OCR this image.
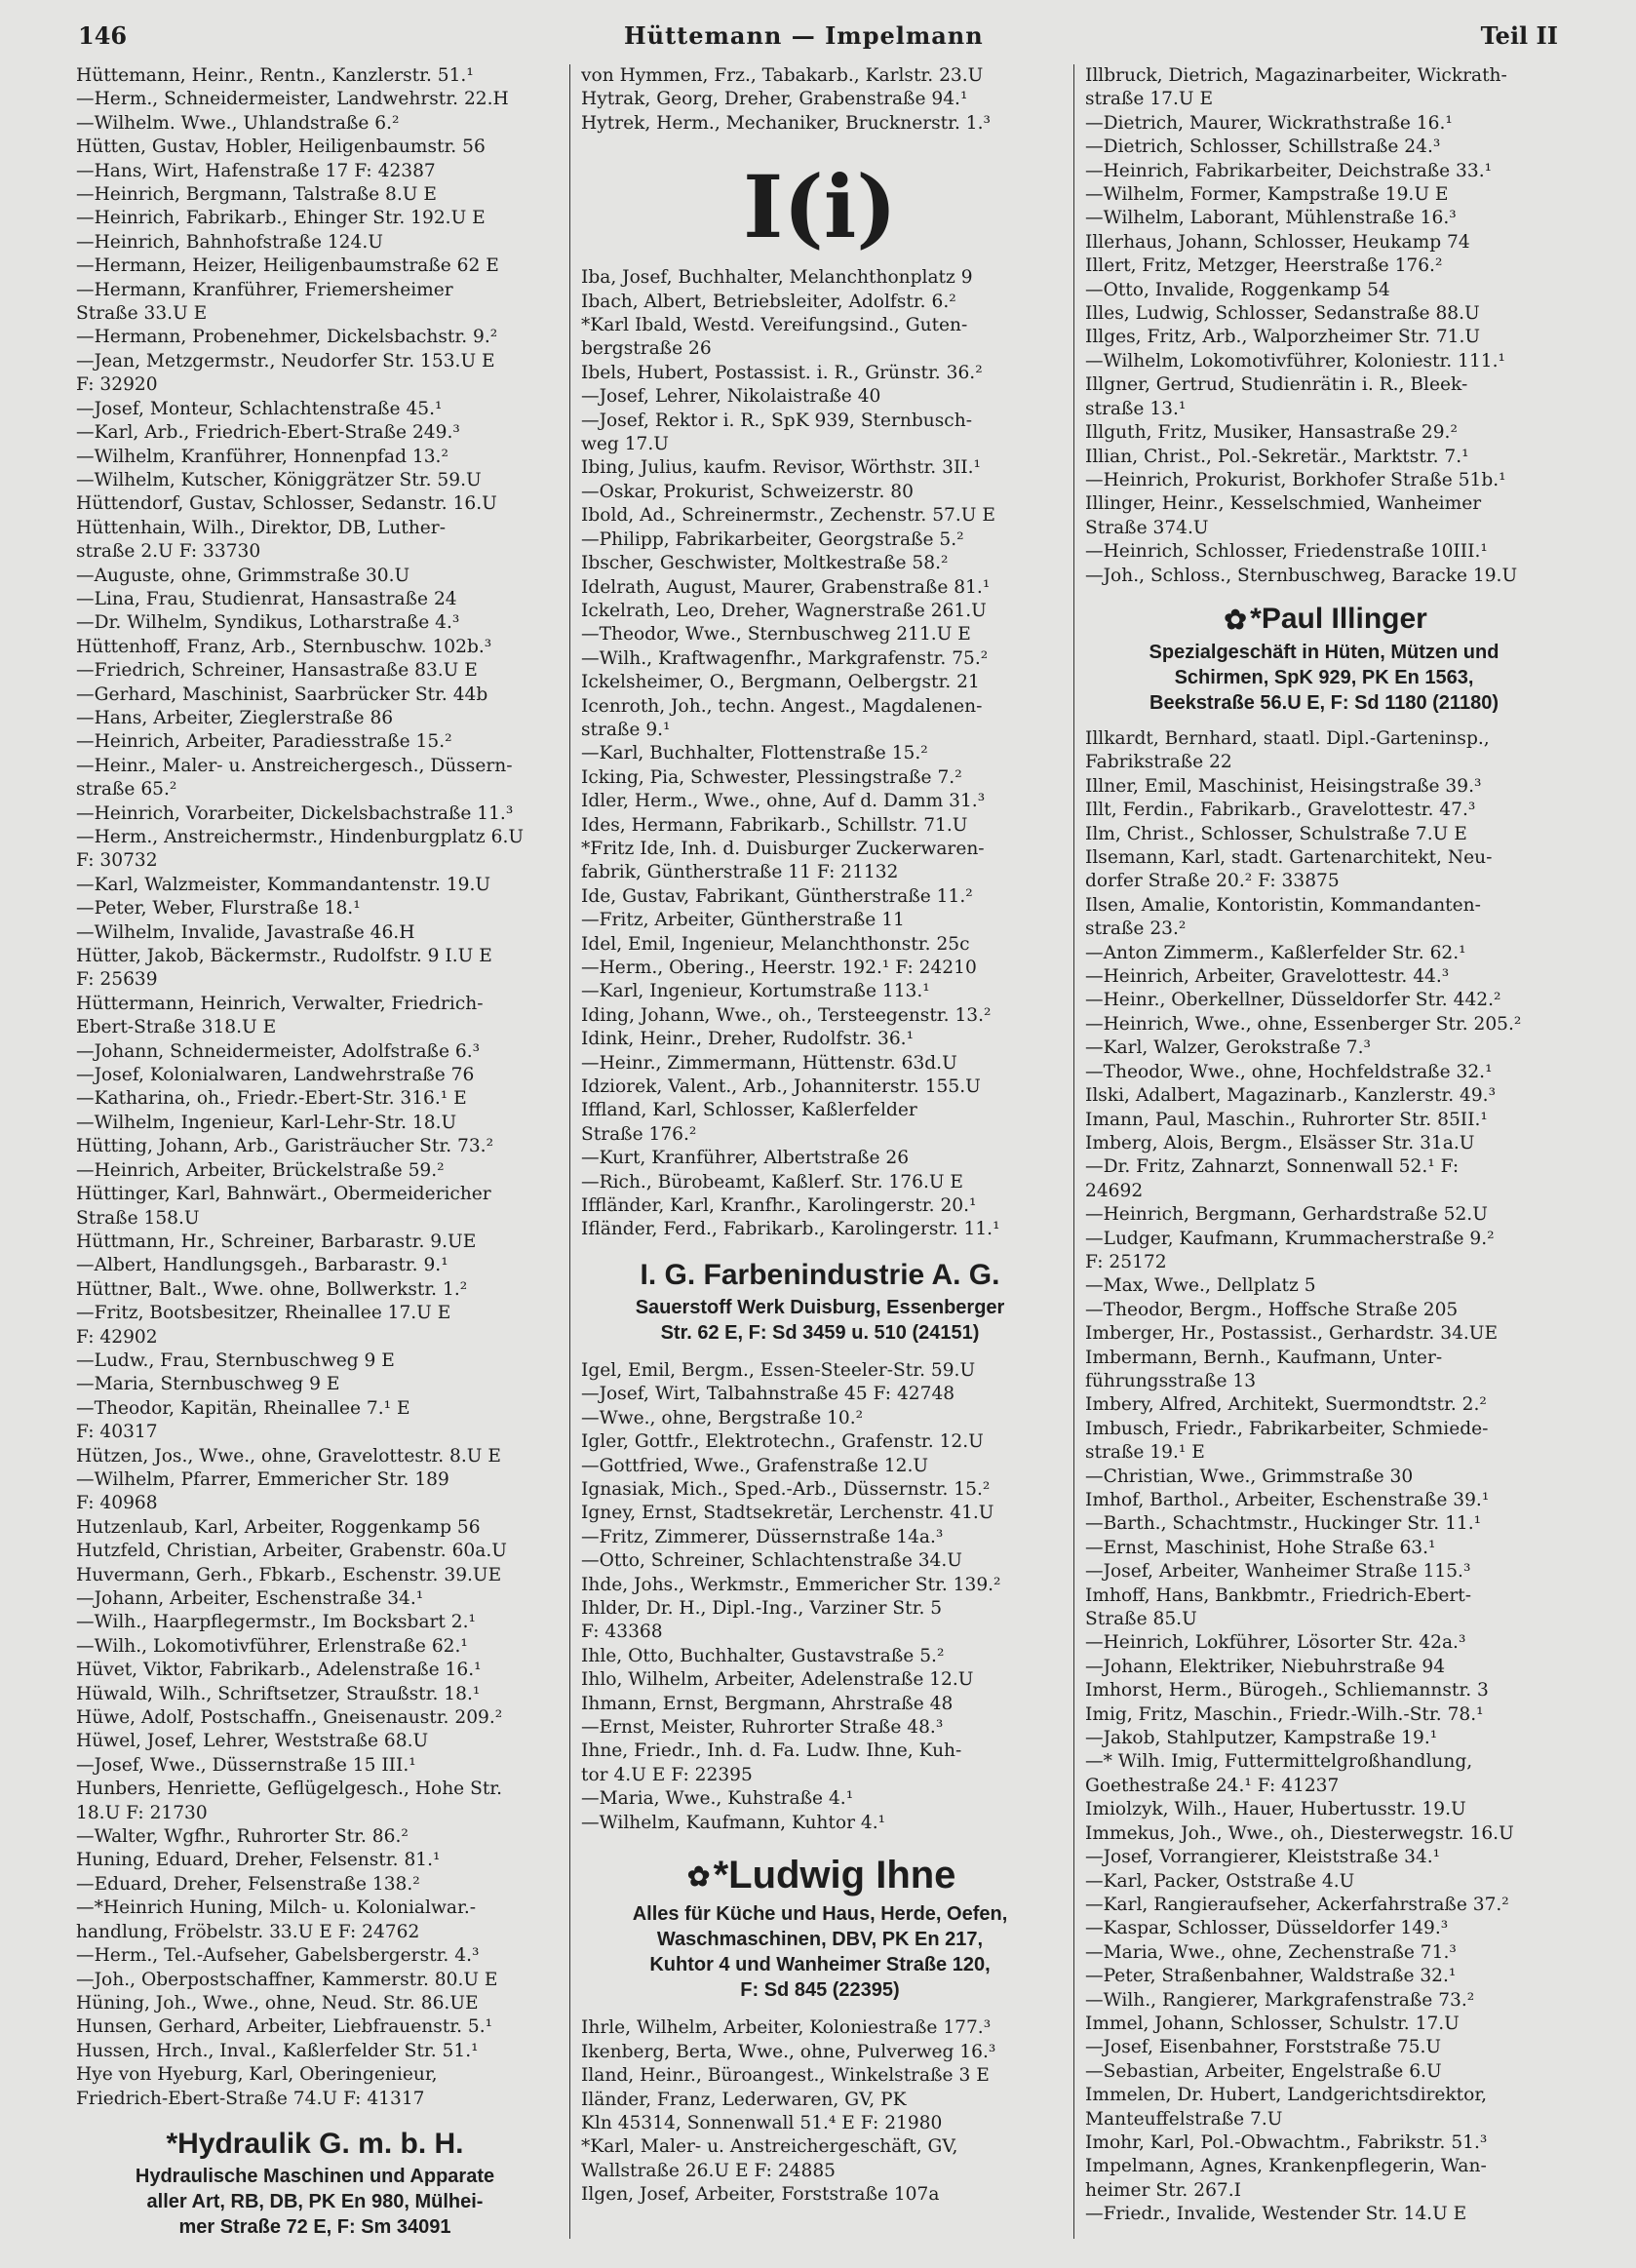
146	Hüttemann — Impelmann	Teil II
Hüttemann, Heinr., Rentn., Kanzlerstr. 51.¹
—Herm., Schneidermeister, Landwehrstr. 22.H
—Wilhelm. Wwe., Uhlandstraße 6.²
Hütten, Gustav, Hobler, Heiligenbaumstr. 56
—Hans, Wirt, Hafenstraße 17 F: 42387
—Heinrich, Bergmann, Talstraße 8.U E
—Heinrich, Fabrikarb., Ehinger Str. 192.U E
—Heinrich, Bahnhofstraße 124.U
—Hermann, Heizer, Heiligenbaumstraße 62 E
—Hermann, Kranführer, Friemersheimer
Straße 33.U E
—Hermann, Probenehmer, Dickelsbachstr. 9.²
—Jean, Metzgermstr., Neudorfer Str. 153.U E
F: 32920
—Josef, Monteur, Schlachtenstraße 45.¹
—Karl, Arb., Friedrich-Ebert-Straße 249.³
—Wilhelm, Kranführer, Honnenpfad 13.²
—Wilhelm, Kutscher, Königgrätzer Str. 59.U
Hüttendorf, Gustav, Schlosser, Sedanstr. 16.U
Hüttenhain, Wilh., Direktor, DB, Luther-
straße 2.U F: 33730
—Auguste, ohne, Grimmstraße 30.U
—Lina, Frau, Studienrat, Hansastraße 24
—Dr. Wilhelm, Syndikus, Lotharstraße 4.³
Hüttenhoff, Franz, Arb., Sternbuschw. 102b.³
—Friedrich, Schreiner, Hansastraße 83.U E
—Gerhard, Maschinist, Saarbrücker Str. 44b
—Hans, Arbeiter, Zieglerstraße 86
—Heinrich, Arbeiter, Paradiesstraße 15.²
—Heinr., Maler- u. Anstreichergesch., Düssern-
straße 65.²
—Heinrich, Vorarbeiter, Dickelsbachstraße 11.³
—Herm., Anstreichermstr., Hindenburgplatz 6.U
F: 30732
—Karl, Walzmeister, Kommandantenstr. 19.U
—Peter, Weber, Flurstraße 18.¹
—Wilhelm, Invalide, Javastraße 46.H
Hütter, Jakob, Bäckermstr., Rudolfstr. 9 I.U E
F: 25639
Hüttermann, Heinrich, Verwalter, Friedrich-
Ebert-Straße 318.U E
—Johann, Schneidermeister, Adolfstraße 6.³
—Josef, Kolonialwaren, Landwehrstraße 76
—Katharina, oh., Friedr.-Ebert-Str. 316.¹ E
—Wilhelm, Ingenieur, Karl-Lehr-Str. 18.U
Hütting, Johann, Arb., Garisträucher Str. 73.²
—Heinrich, Arbeiter, Brückelstraße 59.²
Hüttinger, Karl, Bahnwärt., Obermeidericher
Straße 158.U
Hüttmann, Hr., Schreiner, Barbarastr. 9.UE
—Albert, Handlungsgeh., Barbarastr. 9.¹
Hüttner, Balt., Wwe. ohne, Bollwerkstr. 1.²
—Fritz, Bootsbesitzer, Rheinallee 17.U E
F: 42902
—Ludw., Frau, Sternbuschweg 9 E
—Maria, Sternbuschweg 9 E
—Theodor, Kapitän, Rheinallee 7.¹ E
F: 40317
Hützen, Jos., Wwe., ohne, Gravelottestr. 8.U E
—Wilhelm, Pfarrer, Emmericher Str. 189
F: 40968
Hutzenlaub, Karl, Arbeiter, Roggenkamp 56
Hutzfeld, Christian, Arbeiter, Grabenstr. 60a.U
Huvermann, Gerh., Fbkarb., Eschenstr. 39.UE
—Johann, Arbeiter, Eschenstraße 34.¹
—Wilh., Haarpflegermstr., Im Bocksbart 2.¹
—Wilh., Lokomotivführer, Erlenstraße 62.¹
Hüvet, Viktor, Fabrikarb., Adelenstraße 16.¹
Hüwald, Wilh., Schriftsetzer, Straußstr. 18.¹
Hüwe, Adolf, Postschaffn., Gneisenaustr. 209.²
Hüwel, Josef, Lehrer, Weststraße 68.U
—Josef, Wwe., Düssernstraße 15 III.¹
Hunbers, Henriette, Geflügelgesch., Hohe Str.
18.U F: 21730
—Walter, Wgfhr., Ruhrorter Str. 86.²
Huning, Eduard, Dreher, Felsenstr. 81.¹
—Eduard, Dreher, Felsenstraße 138.²
—*Heinrich Huning, Milch- u. Kolonialwar.-
handlung, Fröbelstr. 33.U E F: 24762
—Herm., Tel.-Aufseher, Gabelsbergerstr. 4.³
—Joh., Oberpostschaffner, Kammerstr. 80.U E
Hüning, Joh., Wwe., ohne, Neud. Str. 86.UE
Hunsen, Gerhard, Arbeiter, Liebfrauenstr. 5.¹
Hussen, Hrch., Inval., Kaßlerfelder Str. 51.¹
Hye von Hyeburg, Karl, Oberingenieur,
Friedrich-Ebert-Straße 74.U F: 41317
*Hydraulik G. m. b. H.
Hydraulische Maschinen und Apparate
aller Art, RB, DB, PK En 980, Mülhei-
mer Straße 72 E, F: Sm 34091
von Hymmen, Frz., Tabakarb., Karlstr. 23.U
Hytrak, Georg, Dreher, Grabenstraße 94.¹
Hytrek, Herm., Mechaniker, Brucknerstr. 1.³
I(i)
Iba, Josef, Buchhalter, Melanchthonplatz 9
Ibach, Albert, Betriebsleiter, Adolfstr. 6.²
*Karl Ibald, Westd. Vereifungsind., Guten-
bergstraße 26
Ibels, Hubert, Postassist. i. R., Grünstr. 36.²
—Josef, Lehrer, Nikolaistraße 40
—Josef, Rektor i. R., SpK 939, Sternbusch-
weg 17.U
Ibing, Julius, kaufm. Revisor, Wörthstr. 3II.¹
—Oskar, Prokurist, Schweizerstr. 80
Ibold, Ad., Schreinermstr., Zechenstr. 57.U E
—Philipp, Fabrikarbeiter, Georgstraße 5.²
Ibscher, Geschwister, Moltkestraße 58.²
Idelrath, August, Maurer, Grabenstraße 81.¹
Ickelrath, Leo, Dreher, Wagnerstraße 261.U
—Theodor, Wwe., Sternbuschweg 211.U E
—Wilh., Kraftwagenfhr., Markgrafenstr. 75.²
Ickelsheimer, O., Bergmann, Oelbergstr. 21
Icenroth, Joh., techn. Angest., Magdalenen-
straße 9.¹
—Karl, Buchhalter, Flottenstraße 15.²
Icking, Pia, Schwester, Plessingstraße 7.²
Idler, Herm., Wwe., ohne, Auf d. Damm 31.³
Ides, Hermann, Fabrikarb., Schillstr. 71.U
*Fritz Ide, Inh. d. Duisburger Zuckerwaren-
fabrik, Güntherstraße 11 F: 21132
Ide, Gustav, Fabrikant, Güntherstraße 11.²
—Fritz, Arbeiter, Güntherstraße 11
Idel, Emil, Ingenieur, Melanchthonstr. 25c
—Herm., Obering., Heerstr. 192.¹ F: 24210
—Karl, Ingenieur, Kortumstraße 113.¹
Iding, Johann, Wwe., oh., Tersteegenstr. 13.²
Idink, Heinr., Dreher, Rudolfstr. 36.¹
—Heinr., Zimmermann, Hüttenstr. 63d.U
Idziorek, Valent., Arb., Johanniterstr. 155.U
Iffland, Karl, Schlosser, Kaßlerfelder
Straße 176.²
—Kurt, Kranführer, Albertstraße 26
—Rich., Bürobeamt, Kaßlerf. Str. 176.U E
Iffländer, Karl, Kranfhr., Karolingerstr. 20.¹
Ifländer, Ferd., Fabrikarb., Karolingerstr. 11.¹
I. G. Farbenindustrie A. G.
Sauerstoff Werk Duisburg, Essenberger
Str. 62 E, F: Sd 3459 u. 510 (24151)
Igel, Emil, Bergm., Essen-Steeler-Str. 59.U
—Josef, Wirt, Talbahnstraße 45 F: 42748
—Wwe., ohne, Bergstraße 10.²
Igler, Gottfr., Elektrotechn., Grafenstr. 12.U
—Gottfried, Wwe., Grafenstraße 12.U
Ignasiak, Mich., Sped.-Arb., Düssernstr. 15.²
Igney, Ernst, Stadtsekretär, Lerchenstr. 41.U
—Fritz, Zimmerer, Düssernstraße 14a.³
—Otto, Schreiner, Schlachtenstraße 34.U
Ihde, Johs., Werkmstr., Emmericher Str. 139.²
Ihlder, Dr. H., Dipl.-Ing., Varziner Str. 5
F: 43368
Ihle, Otto, Buchhalter, Gustavstraße 5.²
Ihlo, Wilhelm, Arbeiter, Adelenstraße 12.U
Ihmann, Ernst, Bergmann, Ahrstraße 48
—Ernst, Meister, Ruhrorter Straße 48.³
Ihne, Friedr., Inh. d. Fa. Ludw. Ihne, Kuh-
tor 4.U E F: 22395
—Maria, Wwe., Kuhstraße 4.¹
—Wilhelm, Kaufmann, Kuhtor 4.¹
✿*Ludwig Ihne
Alles für Küche und Haus, Herde, Oefen,
Waschmaschinen, DBV, PK En 217,
Kuhtor 4 und Wanheimer Straße 120,
F: Sd 845 (22395)
Ihrle, Wilhelm, Arbeiter, Koloniestraße 177.³
Ikenberg, Berta, Wwe., ohne, Pulverweg 16.³
Iland, Heinr., Büroangest., Winkelstraße 3 E
Iländer, Franz, Lederwaren, GV, PK
Kln 45314, Sonnenwall 51.⁴ E F: 21980
*Karl, Maler- u. Anstreichergeschäft, GV,
Wallstraße 26.U E F: 24885
Ilgen, Josef, Arbeiter, Forststraße 107a
Illbruck, Dietrich, Magazinarbeiter, Wickrath-
straße 17.U E
—Dietrich, Maurer, Wickrathstraße 16.¹
—Dietrich, Schlosser, Schillstraße 24.³
—Heinrich, Fabrikarbeiter, Deichstraße 33.¹
—Wilhelm, Former, Kampstraße 19.U E
—Wilhelm, Laborant, Mühlenstraße 16.³
Illerhaus, Johann, Schlosser, Heukamp 74
Illert, Fritz, Metzger, Heerstraße 176.²
—Otto, Invalide, Roggenkamp 54
Illes, Ludwig, Schlosser, Sedanstraße 88.U
Illges, Fritz, Arb., Walporzheimer Str. 71.U
—Wilhelm, Lokomotivführer, Koloniestr. 111.¹
Illgner, Gertrud, Studienrätin i. R., Bleek-
straße 13.¹
Illguth, Fritz, Musiker, Hansastraße 29.²
Illian, Christ., Pol.-Sekretär., Marktstr. 7.¹
—Heinrich, Prokurist, Borkhofer Straße 51b.¹
Illinger, Heinr., Kesselschmied, Wanheimer
Straße 374.U
—Heinrich, Schlosser, Friedenstraße 10III.¹
—Joh., Schloss., Sternbuschweg, Baracke 19.U
✿ *Paul Illinger
Spezialgeschäft in Hüten, Mützen und
Schirmen, SpK 929, PK En 1563,
Beekstraße 56.U E, F: Sd 1180 (21180)
Illkardt, Bernhard, staatl. Dipl.-Garteninsp.,
Fabrikstraße 22
Illner, Emil, Maschinist, Heisingstraße 39.³
Illt, Ferdin., Fabrikarb., Gravelottestr. 47.³
Ilm, Christ., Schlosser, Schulstraße 7.U E
Ilsemann, Karl, stadt. Gartenarchitekt, Neu-
dorfer Straße 20.² F: 33875
Ilsen, Amalie, Kontoristin, Kommandanten-
straße 23.²
—Anton Zimmerm., Kaßlerfelder Str. 62.¹
—Heinrich, Arbeiter, Gravelottestr. 44.³
—Heinr., Oberkellner, Düsseldorfer Str. 442.²
—Heinrich, Wwe., ohne, Essenberger Str. 205.²
—Karl, Walzer, Gerokstraße 7.³
—Theodor, Wwe., ohne, Hochfeldstraße 32.¹
Ilski, Adalbert, Magazinarb., Kanzlerstr. 49.³
Imann, Paul, Maschin., Ruhrorter Str. 85II.¹
Imberg, Alois, Bergm., Elsässer Str. 31a.U
—Dr. Fritz, Zahnarzt, Sonnenwall 52.¹ F:
24692
—Heinrich, Bergmann, Gerhardstraße 52.U
—Ludger, Kaufmann, Krummacherstraße 9.²
F: 25172
—Max, Wwe., Dellplatz 5
—Theodor, Bergm., Hoffsche Straße 205
Imberger, Hr., Postassist., Gerhardstr. 34.UE
Imbermann, Bernh., Kaufmann, Unter-
führungsstraße 13
Imbery, Alfred, Architekt, Suermondtstr. 2.²
Imbusch, Friedr., Fabrikarbeiter, Schmiede-
straße 19.¹ E
—Christian, Wwe., Grimmstraße 30
Imhof, Barthol., Arbeiter, Eschenstraße 39.¹
—Barth., Schachtmstr., Huckinger Str. 11.¹
—Ernst, Maschinist, Hohe Straße 63.¹
—Josef, Arbeiter, Wanheimer Straße 115.³
Imhoff, Hans, Bankbmtr., Friedrich-Ebert-
Straße 85.U
—Heinrich, Lokführer, Lösorter Str. 42a.³
—Johann, Elektriker, Niebuhrstraße 94
Imhorst, Herm., Bürogeh., Schliemannstr. 3
Imig, Fritz, Maschin., Friedr.-Wilh.-Str. 78.¹
—Jakob, Stahlputzer, Kampstraße 19.¹
—* Wilh. Imig, Futtermittelgroßhandlung,
Goethestraße 24.¹ F: 41237
Imiolzyk, Wilh., Hauer, Hubertusstr. 19.U
Immekus, Joh., Wwe., oh., Diesterwegstr. 16.U
—Josef, Vorrangierer, Kleiststraße 34.¹
—Karl, Packer, Oststraße 4.U
—Karl, Rangieraufseher, Ackerfahrstraße 37.²
—Kaspar, Schlosser, Düsseldorfer 149.³
—Maria, Wwe., ohne, Zechenstraße 71.³
—Peter, Straßenbahner, Waldstraße 32.¹
—Wilh., Rangierer, Markgrafenstraße 73.²
Immel, Johann, Schlosser, Schulstr. 17.U
—Josef, Eisenbahner, Forststraße 75.U
—Sebastian, Arbeiter, Engelstraße 6.U
Immelen, Dr. Hubert, Landgerichtsdirektor,
Manteuffelstraße 7.U
Imohr, Karl, Pol.-Obwachtm., Fabrikstr. 51.³
Impelmann, Agnes, Krankenpflegerin, Wan-
heimer Str. 267.I
—Friedr., Invalide, Westender Str. 14.U E
